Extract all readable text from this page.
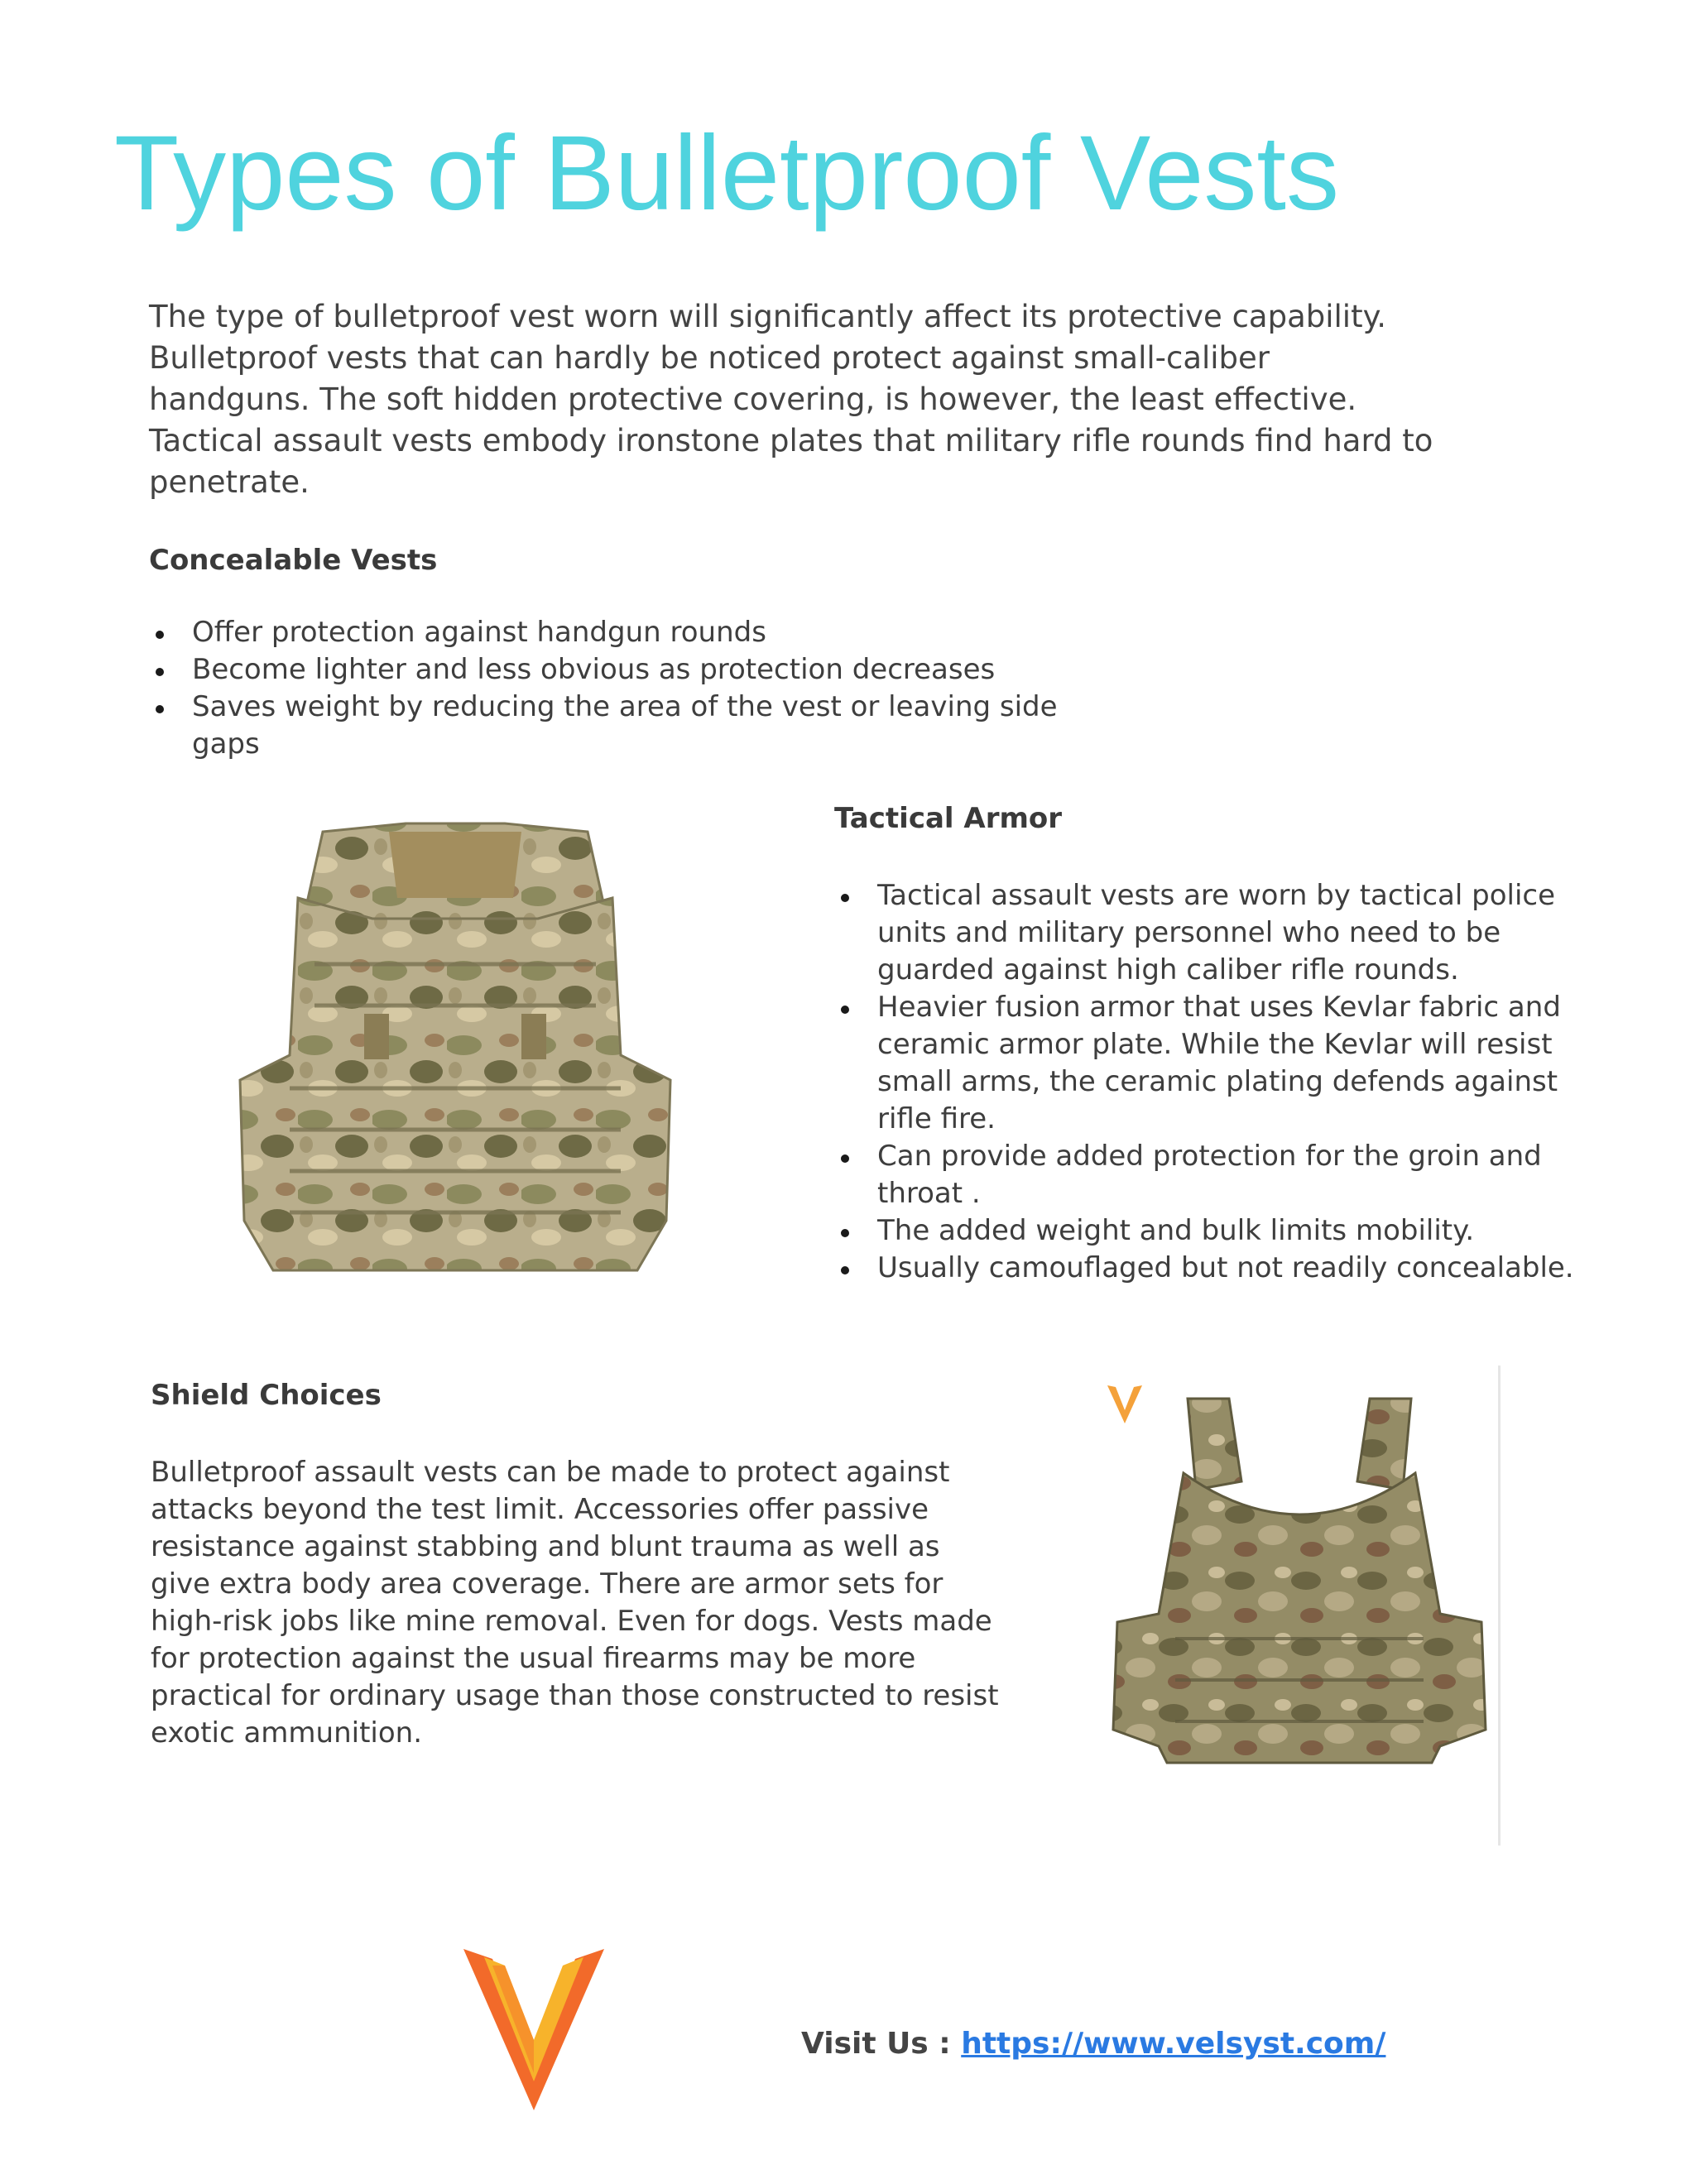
Types of Bulletproof Vests

The type of bulletproof vest worn will significantly affect its protective capability. Bulletproof vests that can hardly be noticed protect against small-caliber handguns. The soft hidden protective covering, is however, the least effective. Tactical assault vests embody ironstone plates that military rifle rounds find hard to penetrate.

Concealable Vests
Offer protection against handgun rounds
Become lighter and less obvious as protection decreases
Saves weight by reducing the area of the vest or leaving side gaps
Tactical Armor
Tactical assault vests are worn by tactical police units and military personnel who need to be guarded against high caliber rifle rounds.
Heavier fusion armor that uses Kevlar fabric and ceramic armor plate. While the Kevlar will resist small arms, the ceramic plating defends against rifle fire.
Can provide added protection for the groin and throat .
The added weight and bulk limits mobility.
Usually camouflaged but not readily concealable.
Shield Choices

Bulletproof assault vests can be made to protect against attacks beyond the test limit. Accessories offer passive resistance against stabbing and blunt trauma as well as give extra body area coverage. There are armor sets for high-risk jobs like mine removal. Even for dogs. Vests made for protection against the usual firearms may be more practical for ordinary usage than those constructed to resist exotic ammunition.

Visit Us : https://www.velsyst.com/
